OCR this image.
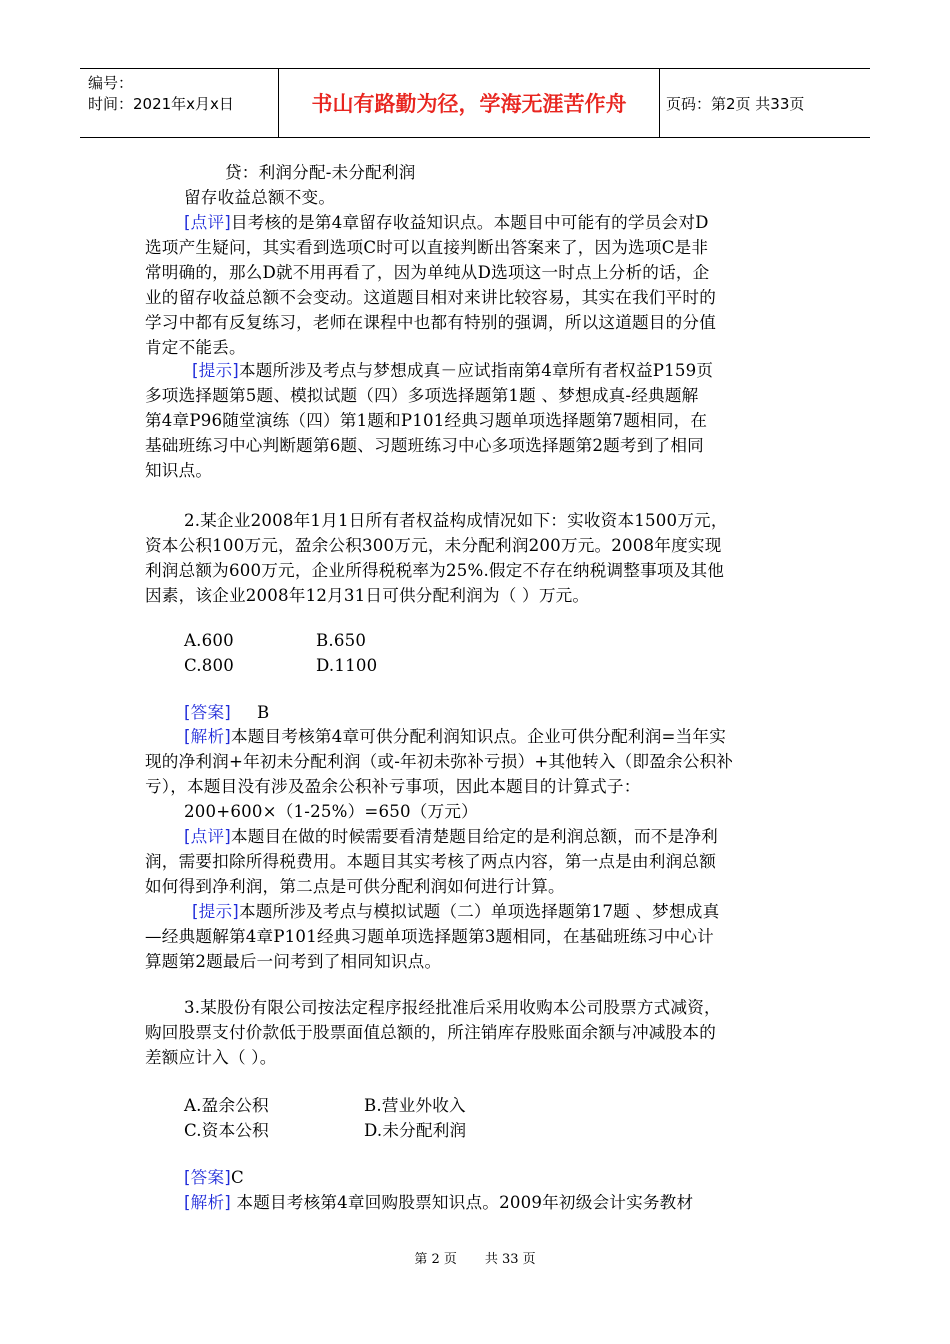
编号：
时间：2021年x月x日	书山有路勤为径，学海无涯苦作舟	页码：第2页 共33页
贷：利润分配-未分配利润
留存收益总额不变。
[点评]目考核的是第4章留存收益知识点。本题目中可能有的学员会对D
选项产生疑问，其实看到选项C时可以直接判断出答案来了，因为选项C是非
常明确的，那么D就不用再看了，因为单纯从D选项这一时点上分析的话，企
业的留存收益总额不会变动。这道题目相对来讲比较容易，其实在我们平时的
学习中都有反复练习，老师在课程中也都有特别的强调，所以这道题目的分值
肯定不能丢。
[提示]本题所涉及考点与梦想成真－应试指南第4章所有者权益P159页
多项选择题第5题、模拟试题（四）多项选择题第1题 、梦想成真-经典题解
第4章P96随堂演练（四）第1题和P101经典习题单项选择题第7题相同，在
基础班练习中心判断题第6题、习题班练习中心多项选择题第2题考到了相同
知识点。
2.某企业2008年1月1日所有者权益构成情况如下：实收资本1500万元，
资本公积100万元，盈余公积300万元，未分配利润200万元。2008年度实现
利润总额为600万元，企业所得税税率为25%.假定不存在纳税调整事项及其他
因素，该企业2008年12月31日可供分配利润为（ ）万元。
A.600	B.650
C.800	D.1100
[答案] B
[解析]本题目考核第4章可供分配利润知识点。企业可供分配利润=当年实
现的净利润+年初未分配利润（或-年初未弥补亏损）+其他转入（即盈余公积补
亏），本题目没有涉及盈余公积补亏事项，因此本题目的计算式子：
200+600×（1-25%）=650（万元）
[点评]本题目在做的时候需要看清楚题目给定的是利润总额，而不是净利
润，需要扣除所得税费用。本题目其实考核了两点内容，第一点是由利润总额
如何得到净利润，第二点是可供分配利润如何进行计算。
[提示]本题所涉及考点与模拟试题（二）单项选择题第17题 、梦想成真
—经典题解第4章P101经典习题单项选择题第3题相同，在基础班练习中心计
算题第2题最后一问考到了相同知识点。
3.某股份有限公司按法定程序报经批准后采用收购本公司股票方式减资，
购回股票支付价款低于股票面值总额的，所注销库存股账面余额与冲减股本的
差额应计入（ ）。
A.盈余公积	B.营业外收入
C.资本公积	D.未分配利润
[答案]C
[解析] 本题目考核第4章回购股票知识点。2009年初级会计实务教材
第 2 页 共 33 页
